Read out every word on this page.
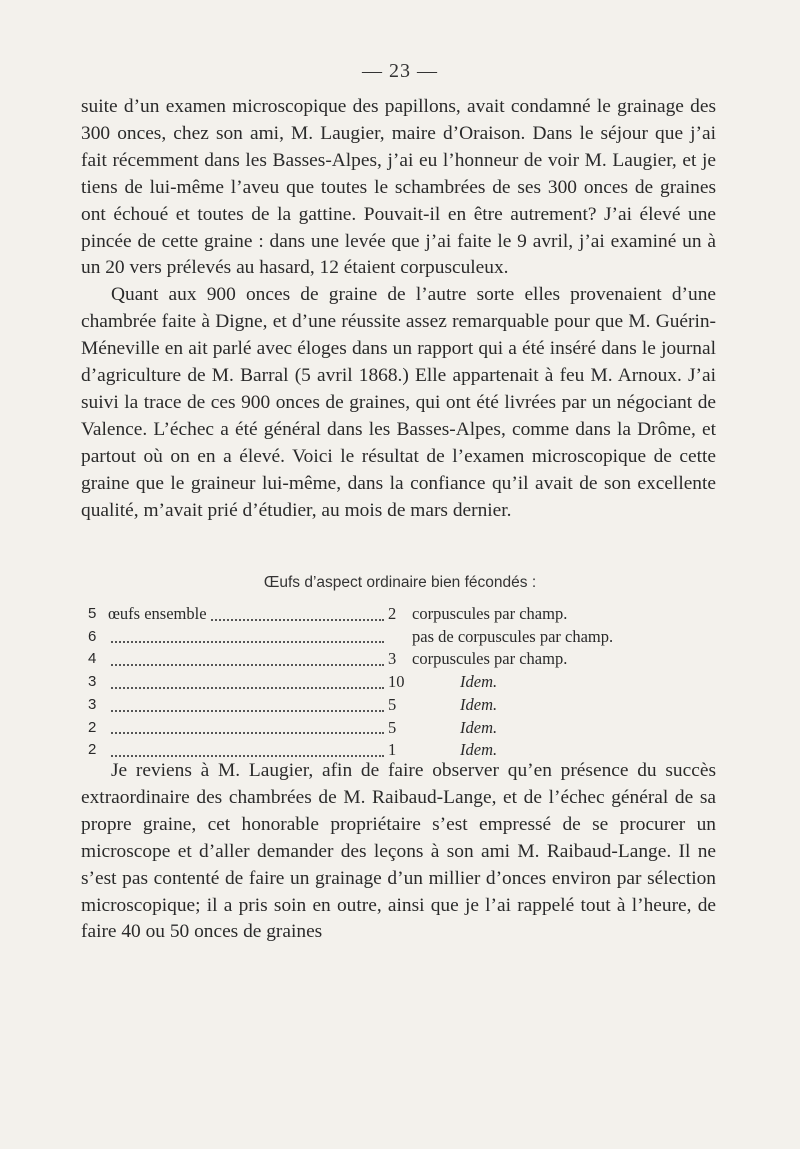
— 23 —

suite d’un examen microscopique des papillons, avait condamné le grainage des 300 onces, chez son ami, M. Laugier, maire d’Oraison. Dans le séjour que j’ai fait récemment dans les Basses-Alpes, j’ai eu l’honneur de voir M. Laugier, et je tiens de lui-même l’aveu que toutes le schambrées de ses 300 onces de graines ont échoué et toutes de la gattine. Pouvait-il en être autrement? J’ai élevé une pincée de cette graine : dans une levée que j’ai faite le 9 avril, j’ai examiné un à un 20 vers prélevés au hasard, 12 étaient corpusculeux.

Quant aux 900 onces de graine de l’autre sorte elles provenaient d’une chambrée faite à Digne, et d’une réussite assez remarquable pour que M. Guérin-Méneville en ait parlé avec éloges dans un rapport qui a été inséré dans le journal d’agriculture de M. Barral (5 avril 1868.) Elle appartenait à feu M. Arnoux. J’ai suivi la trace de ces 900 onces de graines, qui ont été livrées par un négociant de Valence. L’échec a été général dans les Basses-Alpes, comme dans la Drôme, et partout où on en a élevé. Voici le résultat de l’examen microscopique de cette graine que le graineur lui-même, dans la confiance qu’il avait de son excellente qualité, m’avait prié d’étudier, au mois de mars dernier.

Œufs d’aspect ordinaire bien fécondés :
5 œufs ensemble	2 corpuscules par champ.
6	pas de corpuscules par champ.
4	3 corpuscules par champ.
3	10	Idem.
3	5	Idem.
2	5	Idem.
2	1	Idem.

Je reviens à M. Laugier, afin de faire observer qu’en présence du succès extraordinaire des chambrées de M. Raibaud-Lange, et de l’échec général de sa propre graine, cet honorable propriétaire s’est empressé de se procurer un microscope et d’aller demander des leçons à son ami M. Raibaud-Lange. Il ne s’est pas contenté de faire un grainage d’un millier d’onces environ par sélection microscopique; il a pris soin en outre, ainsi que je l’ai rappelé tout à l’heure, de faire 40 ou 50 onces de graines
